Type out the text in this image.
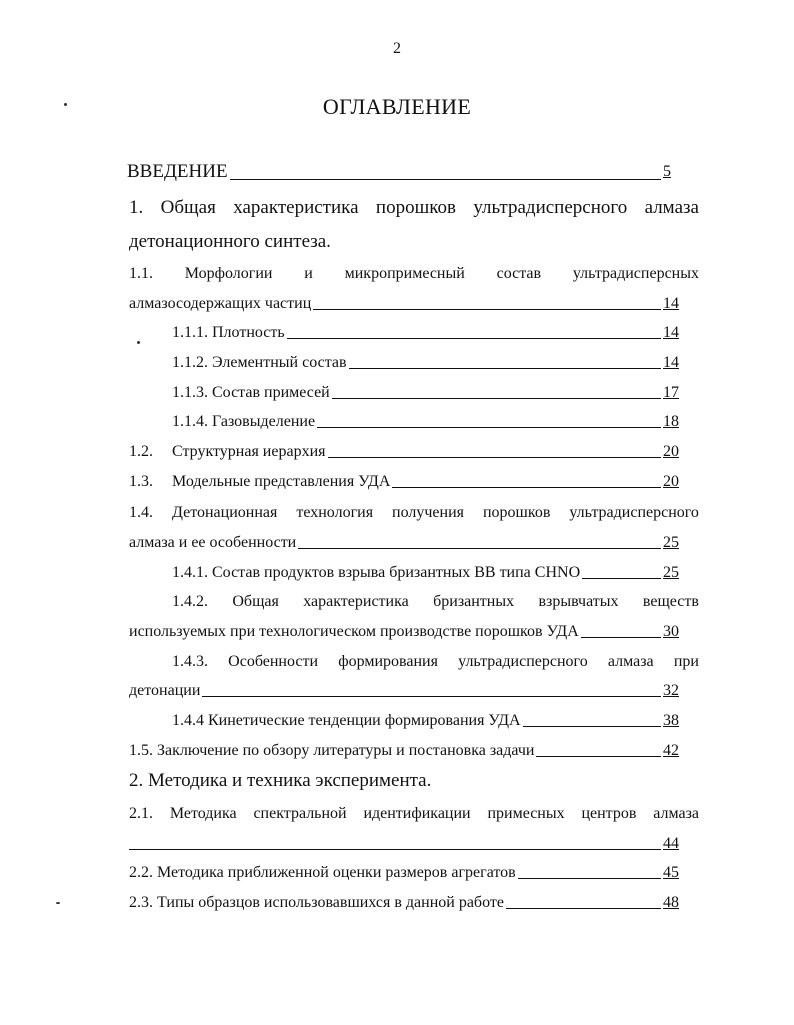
2
ОГЛАВЛЕНИЕ
ВВЕДЕНИЕ	5
1. Общая характеристика порошков ультрадисперсного алмаза
детонационного синтеза.
1.1. Морфологии и микропримесный состав ультрадисперсных
алмазосодержащих частиц	14
1.1.1. Плотность	14
1.1.2. Элементный состав	14
1.1.3. Состав примесей	17
1.1.4. Газовыделение	18
1.2.	Структурная иерархия	20
1.3.	Модельные представления УДА	20
1.4. Детонационная технология получения порошков ультрадисперсного
алмаза и ее особенности	25
1.4.1. Состав продуктов взрыва бризантных ВВ типа CHNO	25
1.4.2. Общая характеристика бризантных взрывчатых веществ
используемых при технологическом производстве порошков УДА	30
1.4.3. Особенности формирования ультрадисперсного алмаза при
детонации	32
1.4.4 Кинетические тенденции формирования УДА	38
1.5. Заключение по обзору литературы и постановка задачи	42
2. Методика и техника эксперимента.
2.1. Методика спектральной идентификации примесных центров алмаза
44
2.2. Методика приближенной оценки размеров агрегатов	45
2.3. Типы образцов использовавшихся в данной работе	48
